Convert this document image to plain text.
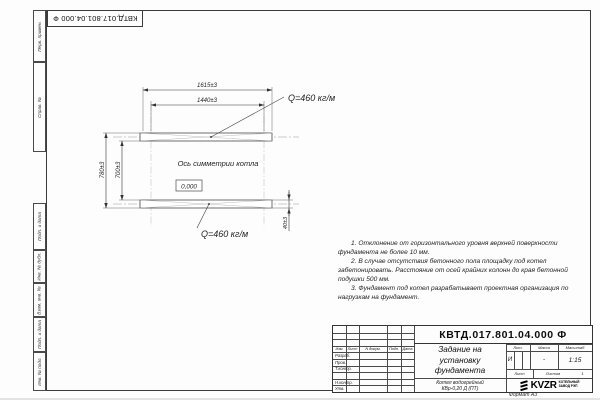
Перв. примен.
Справ. №
Подп. и дата
Инв. № дубл.
Взам. инв. №
Подп. и дата
Инв. № подл.
КВТД.017.801.04.000 Ф
1615±3
1440±3
780±3 700±3
40±3
Q=460 кг/м
Q=460 кг/м
Ось симметрии котла
0,000

1. Отклонение от горизонтального уровня верхней поверхности фундамента не более 10 мм.

2. В случае отсутствия бетонного пола площадку под котел забетонировать. Расстояние от осей крайних колонн до края бетонной подушки 500 мм.

3. Фундамент под котел разрабатывает проектная организация по нагрузкам на фундамент.

Изм.	Лист	N докум.	Подп. Дата
Разраб.
Пров.
Т.контр.
Н.контр.
Утв.
КВТД.017.801.04.000 Ф
Задание на
установку
фундамента
Котел водогрейный
КВр-0,20 Д (ПТ)
Лит.	Масса	Масштаб
И	-	1:15
Лист	Листов	1
KVZR КОТЕЛЬНЫЙ
ЗАВОД РЭП
Формат А3
